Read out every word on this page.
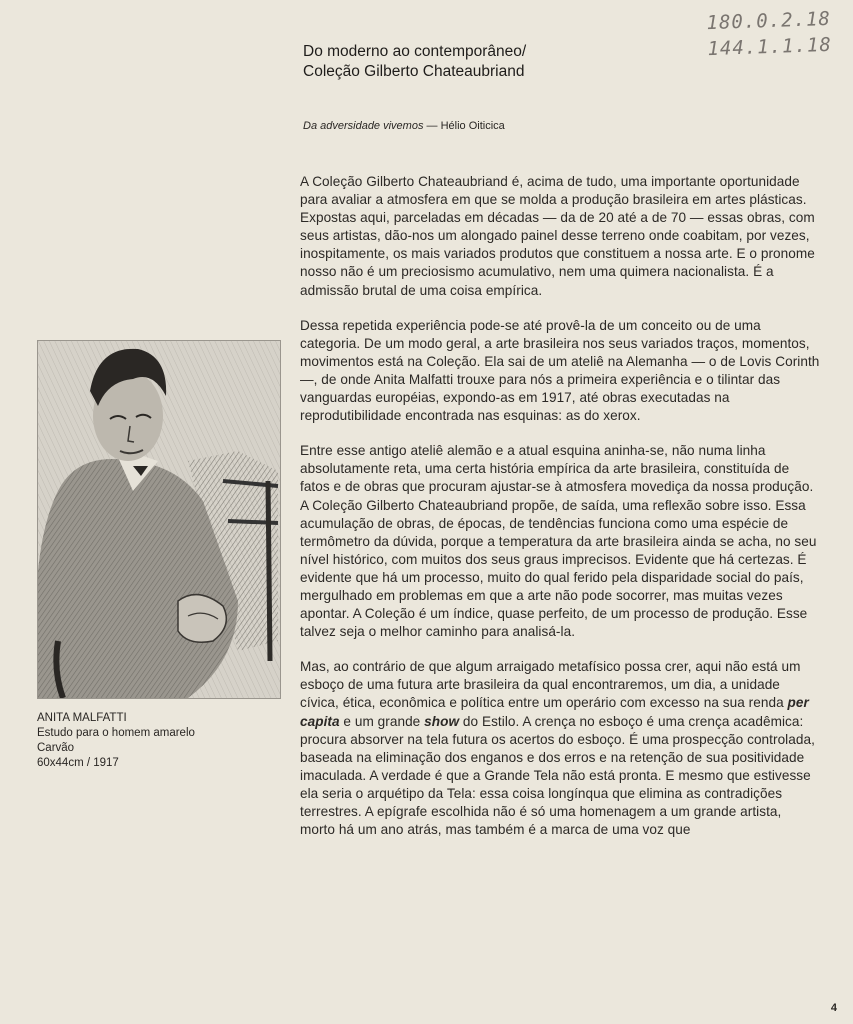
180.0.2.18
144.1.1.18
Do moderno ao contemporâneo/
Coleção Gilberto Chateaubriand
Da adversidade vivemos — Hélio Oiticica
ANITA MALFATTI
Estudo para o homem amarelo
Carvão
60x44cm / 1917

A Coleção Gilberto Chateaubriand é, acima de tudo, uma importante oportunidade para avaliar a atmosfera em que se molda a produção brasileira em artes plásticas. Expostas aqui, parceladas em décadas — da de 20 até a de 70 — essas obras, com seus artistas, dão-nos um alongado painel desse terreno onde coabitam, por vezes, inospitamente, os mais variados produtos que constituem a nossa arte. E o pronome nosso não é um preciosismo acumulativo, nem uma quimera nacionalista. É a admissão brutal de uma coisa empírica.

Dessa repetida experiência pode-se até provê-la de um conceito ou de uma categoria. De um modo geral, a arte brasileira nos seus variados traços, momentos, movimentos está na Coleção. Ela sai de um ateliê na Alemanha — o de Lovis Corinth —, de onde Anita Malfatti trouxe para nós a primeira experiência e o tilintar das vanguardas européias, expondo-as em 1917, até obras executadas na reprodutibilidade encontrada nas esquinas: as do xerox.

Entre esse antigo ateliê alemão e a atual esquina aninha-se, não numa linha absolutamente reta, uma certa história empírica da arte brasileira, constituída de fatos e de obras que procuram ajustar-se à atmosfera movediça da nossa produção. A Coleção Gilberto Chateaubriand propõe, de saída, uma reflexão sobre isso. Essa acumulação de obras, de épocas, de tendências funciona como uma espécie de termômetro da dúvida, porque a temperatura da arte brasileira ainda se acha, no seu nível histórico, com muitos dos seus graus imprecisos. Evidente que há certezas. É evidente que há um processo, muito do qual ferido pela disparidade social do país, mergulhado em problemas em que a arte não pode socorrer, mas muitas vezes apontar. A Coleção é um índice, quase perfeito, de um processo de produção. Esse talvez seja o melhor caminho para analisá-la.

Mas, ao contrário de que algum arraigado metafísico possa crer, aqui não está um esboço de uma futura arte brasileira da qual encontraremos, um dia, a unidade cívica, ética, econômica e política entre um operário com excesso na sua renda per capita e um grande show do Estilo. A crença no esboço é uma crença acadêmica: procura absorver na tela futura os acertos do esboço. É uma prospecção controlada, baseada na eliminação dos enganos e dos erros e na retenção de sua positividade imaculada. A verdade é que a Grande Tela não está pronta. E mesmo que estivesse ela seria o arquétipo da Tela: essa coisa longínqua que elimina as contradições terrestres. A epígrafe escolhida não é só uma homenagem a um grande artista, morto há um ano atrás, mas também é a marca de uma voz que

4
